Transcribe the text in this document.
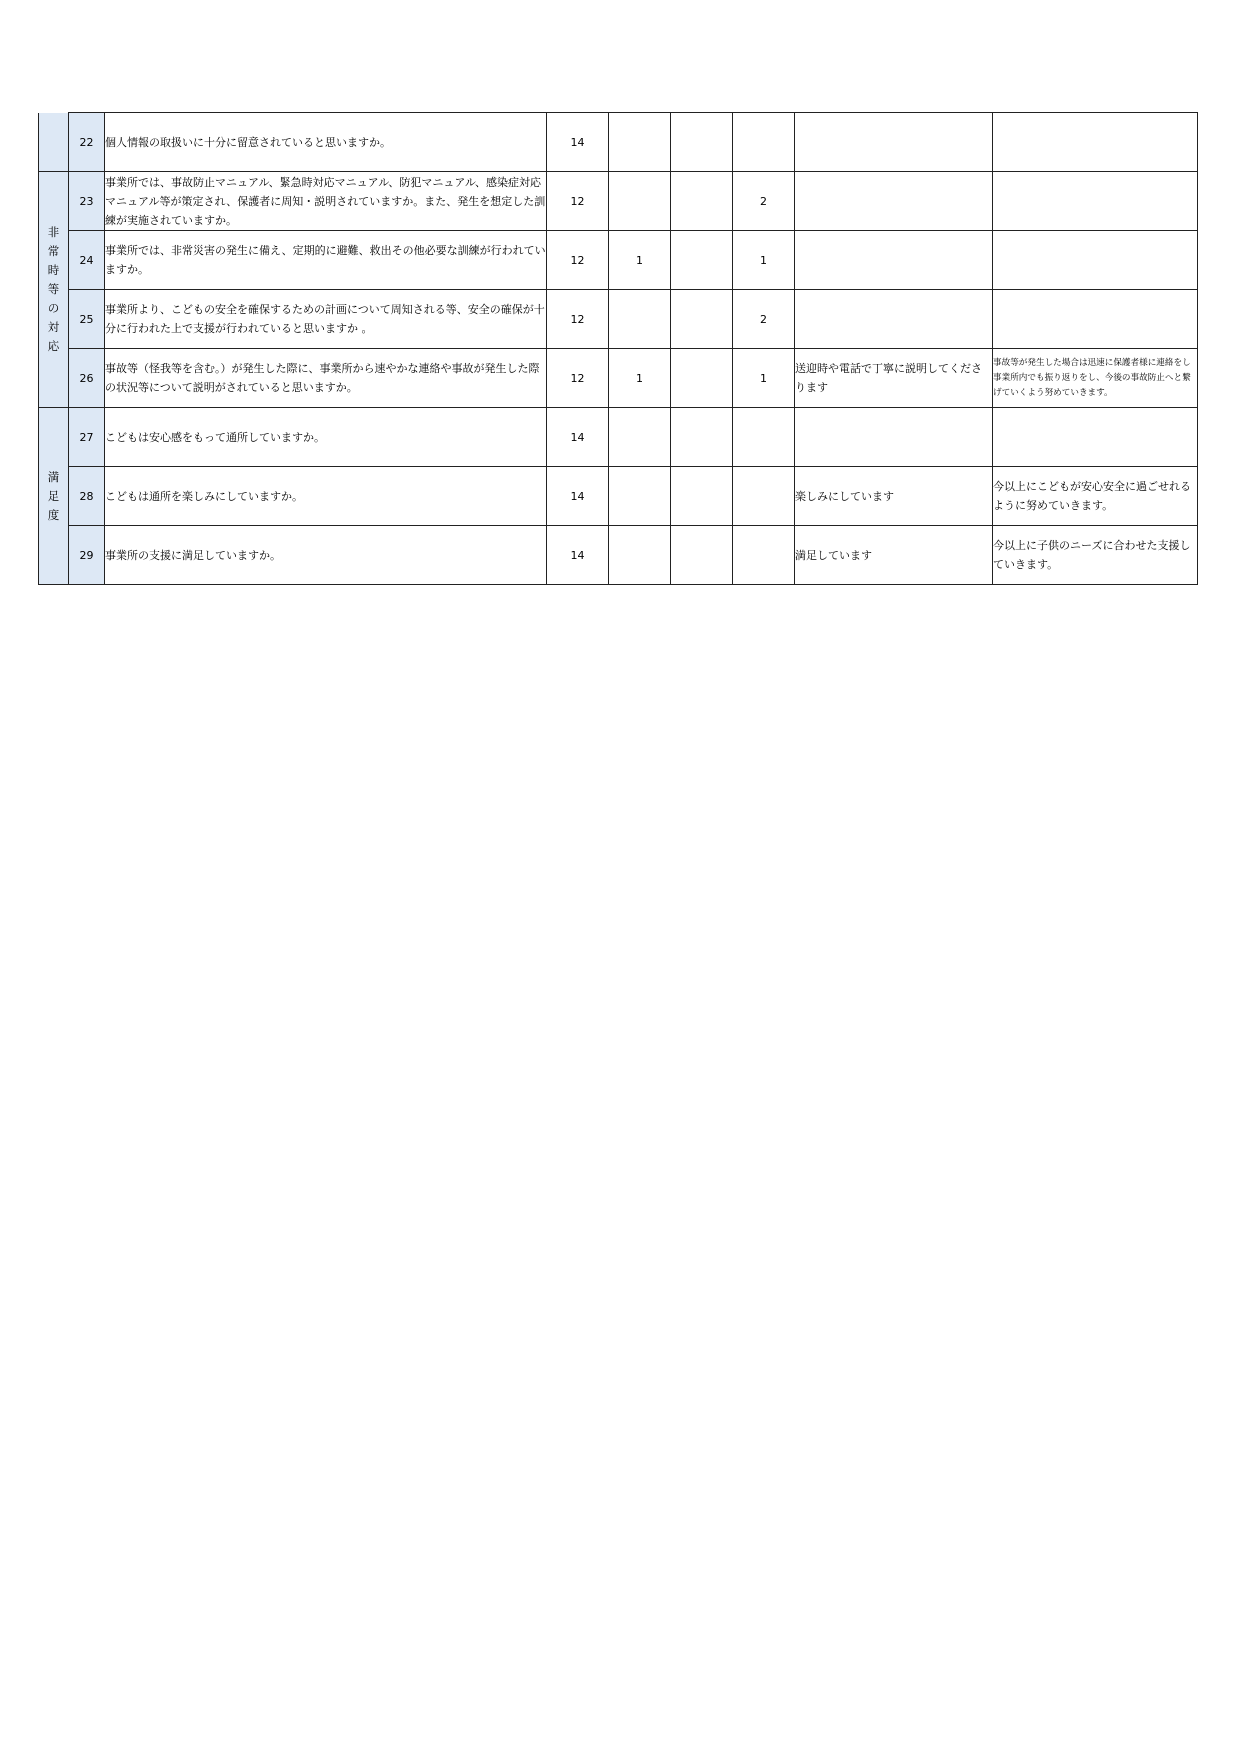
	22	個人情報の取扱いに十分に留意されていると思いますか。	14					
非常時等の対応	23	事業所では、事故防止マニュアル、緊急時対応マニュアル、防犯マニュアル、感染症対応マニュアル等が策定され、保護者に周知・説明されていますか。また、発生を想定した訓練が実施されていますか。	12			2		
	24	事業所では、非常災害の発生に備え、定期的に避難、救出その他必要な訓練が行われていますか。	12	1		1		
	25	事業所より、こどもの安全を確保するための計画について周知される等、安全の確保が十分に行われた上で支援が行われていると思いますか 。	12			2		
	26	事故等（怪我等を含む。）が発生した際に、事業所から速やかな連絡や事故が発生した際の状況等について説明がされていると思いますか。	12	1		1	送迎時や電話で丁寧に説明してくださります	事故等が発生した場合は迅速に保護者様に連絡をし事業所内でも振り返りをし、今後の事故防止へと繋げていくよう努めていきます。
満足度	27	こどもは安心感をもって通所していますか。	14					
	28	こどもは通所を楽しみにしていますか。	14				楽しみにしています	今以上にこどもが安心安全に過ごせれるように努めていきます。
	29	事業所の支援に満足していますか。	14				満足しています	今以上に子供のニーズに合わせた支援していきます。
